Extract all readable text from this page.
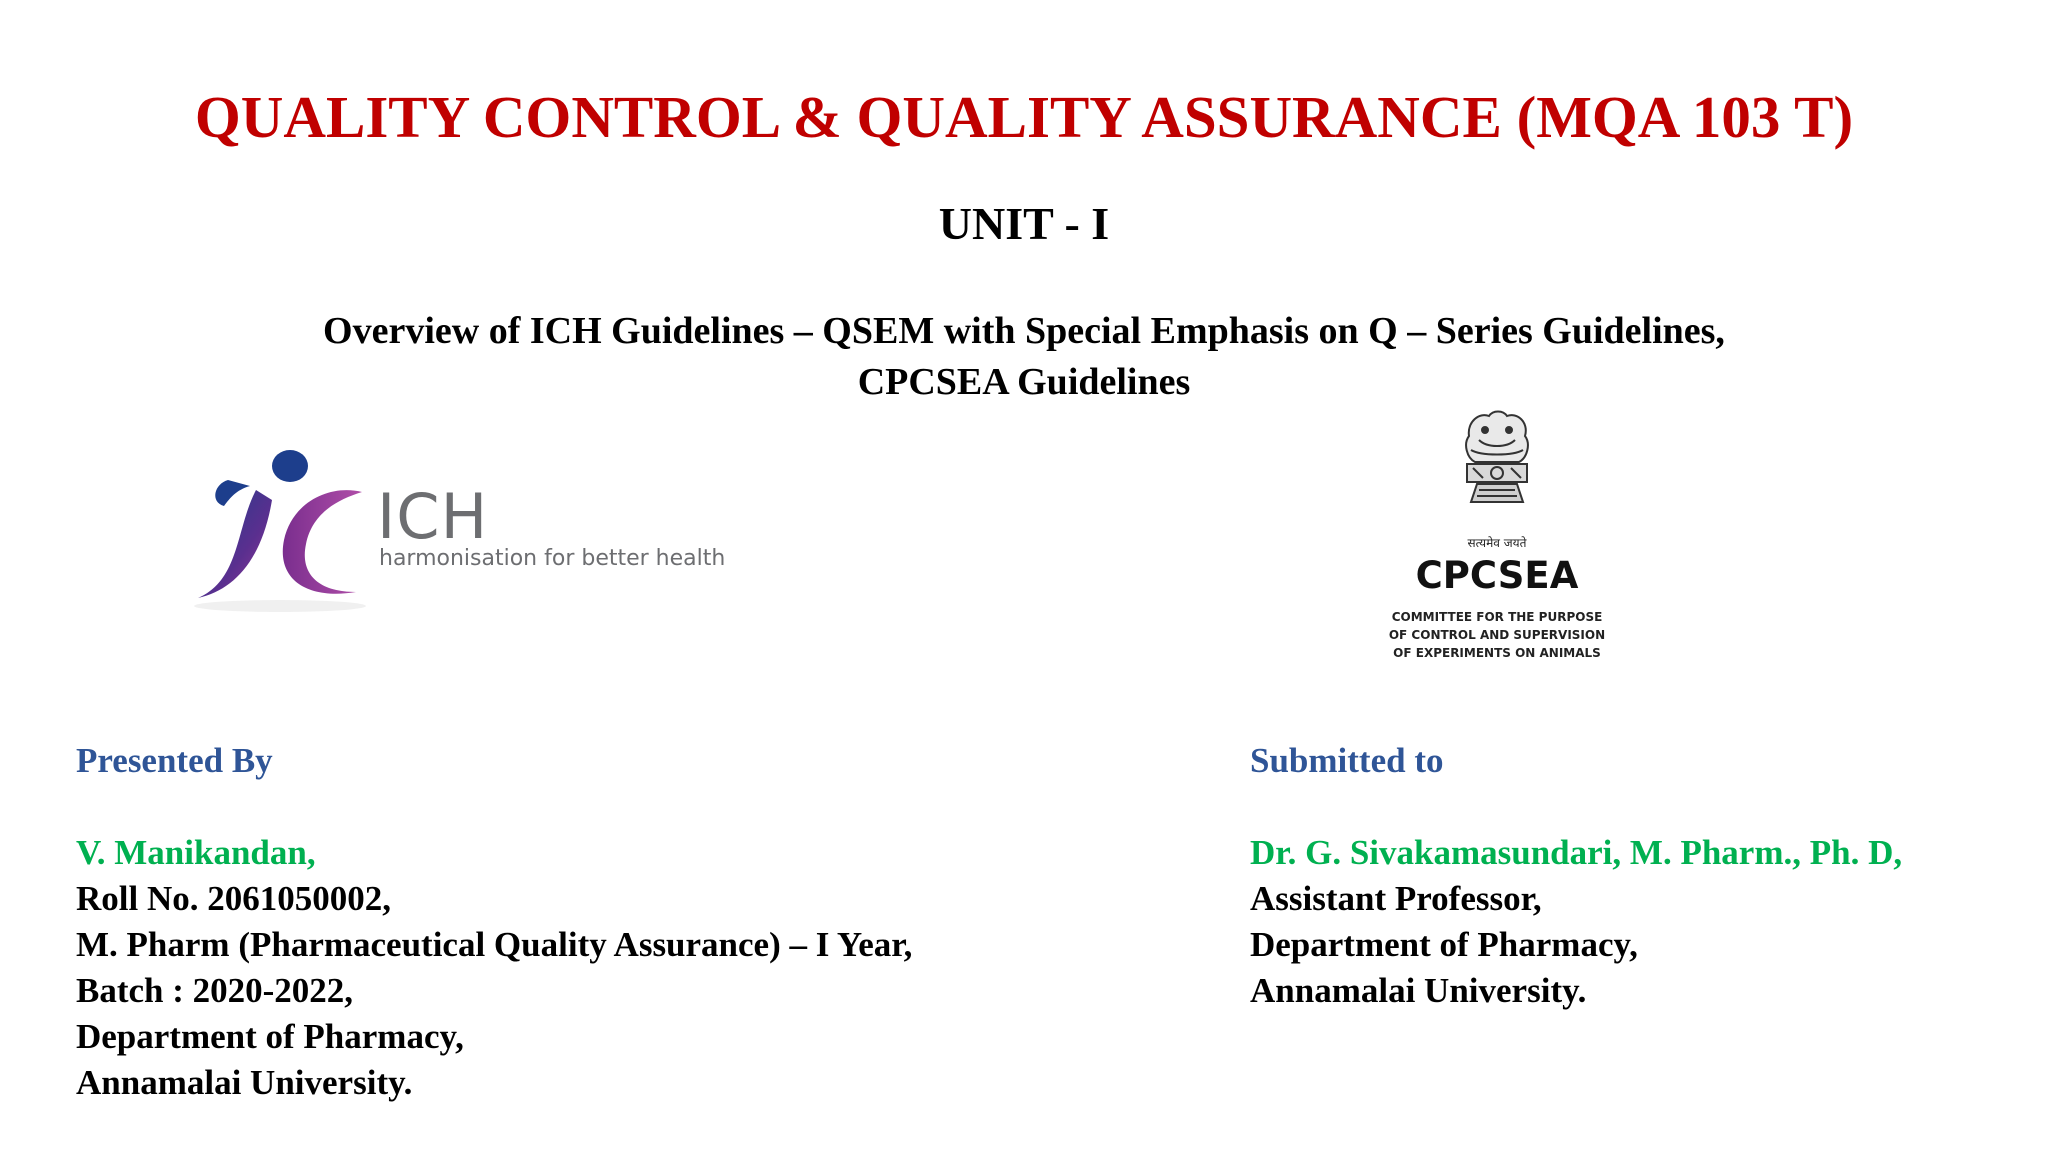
QUALITY CONTROL & QUALITY ASSURANCE (MQA 103 T)
UNIT - I
Overview of ICH Guidelines – QSEM with Special Emphasis on Q – Series Guidelines,
CPCSEA Guidelines
ICH
harmonisation for better health
सत्यमेव जयते
CPCSEA
COMMITTEE FOR THE PURPOSE
OF CONTROL AND SUPERVISION
OF EXPERIMENTS ON ANIMALS
Presented By
V. Manikandan,
Roll No. 2061050002,
M. Pharm (Pharmaceutical Quality Assurance) – I Year,
Batch : 2020-2022,
Department of Pharmacy,
Annamalai University.
Submitted to
Dr. G. Sivakamasundari, M. Pharm., Ph. D,
Assistant Professor,
Department of Pharmacy,
Annamalai University.
